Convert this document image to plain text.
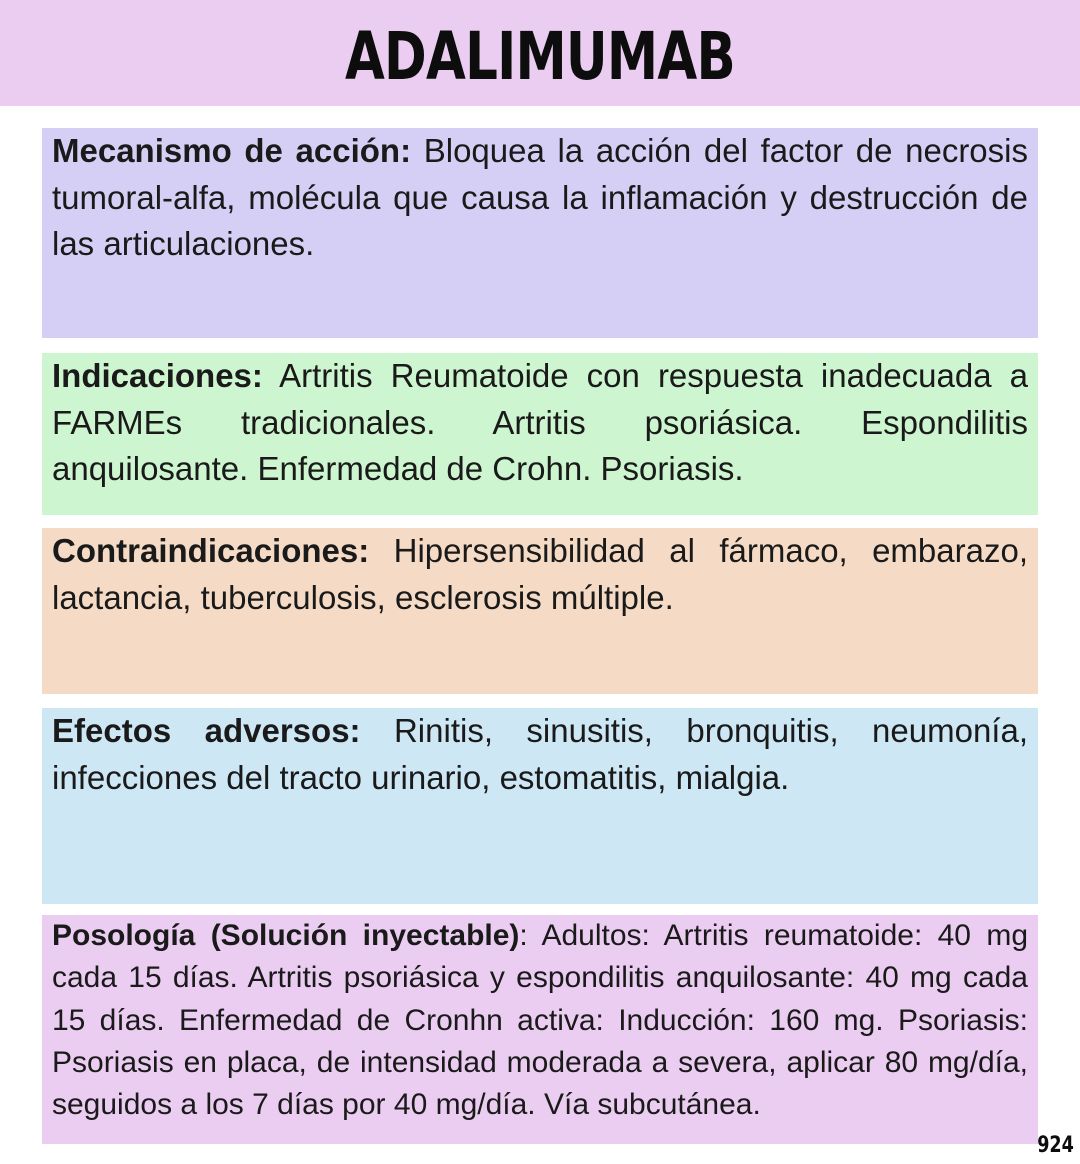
ADALIMUMAB
Mecanismo de acción: Bloquea la acción del factor de necrosis tumoral-alfa, molécula que causa la inflamación y destrucción de las articulaciones.
Indicaciones: Artritis Reumatoide con respuesta inadecuada a FARMEs tradicionales. Artritis psoriásica. Espondilitis anquilosante. Enfermedad de Crohn. Psoriasis.
Contraindicaciones: Hipersensibilidad al fármaco, embarazo, lactancia, tuberculosis, esclerosis múltiple.
Efectos adversos: Rinitis, sinusitis, bronquitis, neumonía, infecciones del tracto urinario, estomatitis, mialgia.
Posología (Solución inyectable): Adultos: Artritis reumatoide: 40 mg cada 15 días. Artritis psoriásica y espondilitis anquilosante: 40 mg cada 15 días. Enfermedad de Cronhn activa: Inducción: 160 mg. Psoriasis: Psoriasis en placa, de intensidad moderada a severa, aplicar 80 mg/día, seguidos a los 7 días por 40 mg/día. Vía subcutánea.
924
